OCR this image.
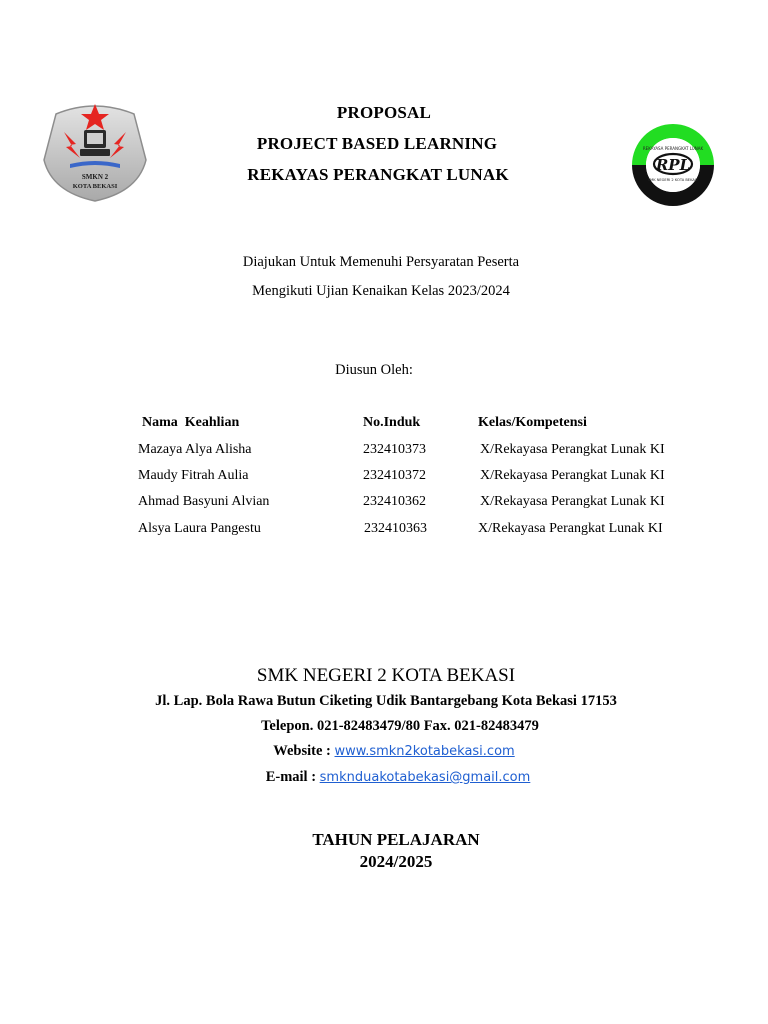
SMKN 2
KOTA BEKASI
REKAYASA PERANGKAT LUNAK
RPL
SMK NEGERI 2 KOTA BEKASI
PROPOSAL
PROJECT BASED LEARNING
REKAYAS PERANGKAT LUNAK
Diajukan Untuk Memenuhi Persyaratan Peserta
Mengikuti Ujian Kenaikan Kelas 2023/2024
Diusun Oleh:
Nama  Keahlian	No.Induk	Kelas/Kompetensi
Mazaya Alya Alisha	232410373	X/Rekayasa Perangkat Lunak KI
Maudy Fitrah Aulia	232410372	X/Rekayasa Perangkat Lunak KI
Ahmad Basyuni Alvian	232410362	X/Rekayasa Perangkat Lunak KI
Alsya Laura Pangestu	232410363	X/Rekayasa Perangkat Lunak KI
SMK NEGERI 2 KOTA BEKASI
Jl. Lap. Bola Rawa Butun Ciketing Udik Bantargebang Kota Bekasi 17153
Telepon. 021-82483479/80 Fax. 021-82483479
Website : www.smkn2kotabekasi.com
E-mail : smknduakotabekasi@gmail.com
TAHUN PELAJARAN
2024/2025
